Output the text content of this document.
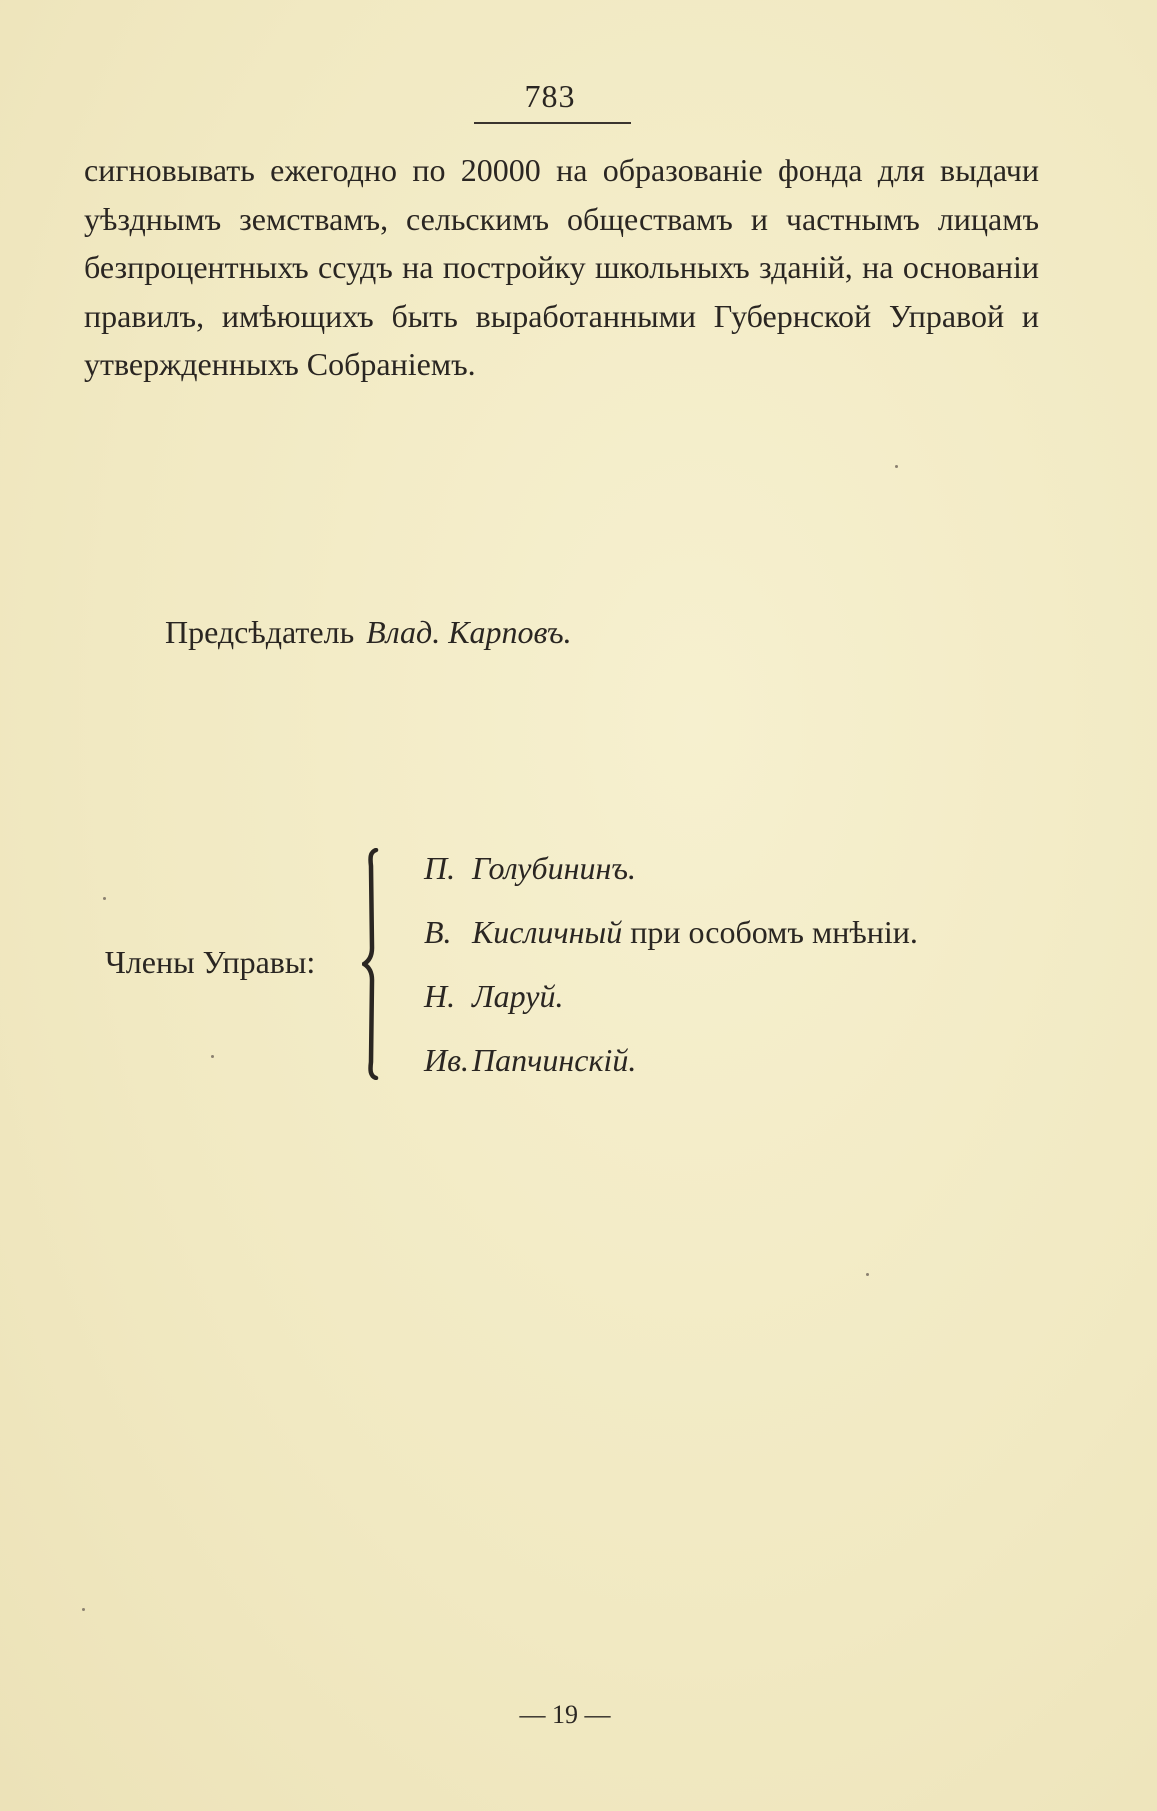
783

сигновывать ежегодно по 20000 на образованіе фонда для выдачи уѣзднымъ земствамъ, сельскимъ обществамъ и частнымъ лицамъ безпроцентныхъ ссудъ на постройку школьныхъ зданій, на основаніи правилъ, имѣющихъ быть выработанными Губернской Управой и утвержденныхъ Собраніемъ.

Предсѣдатель Влад. Карповъ.
Члены Управы:
П. Голубининъ.
В. Кисличный при особомъ мнѣніи.
Н. Ларуй.
Ив.Папчинскій.
— 19 —
